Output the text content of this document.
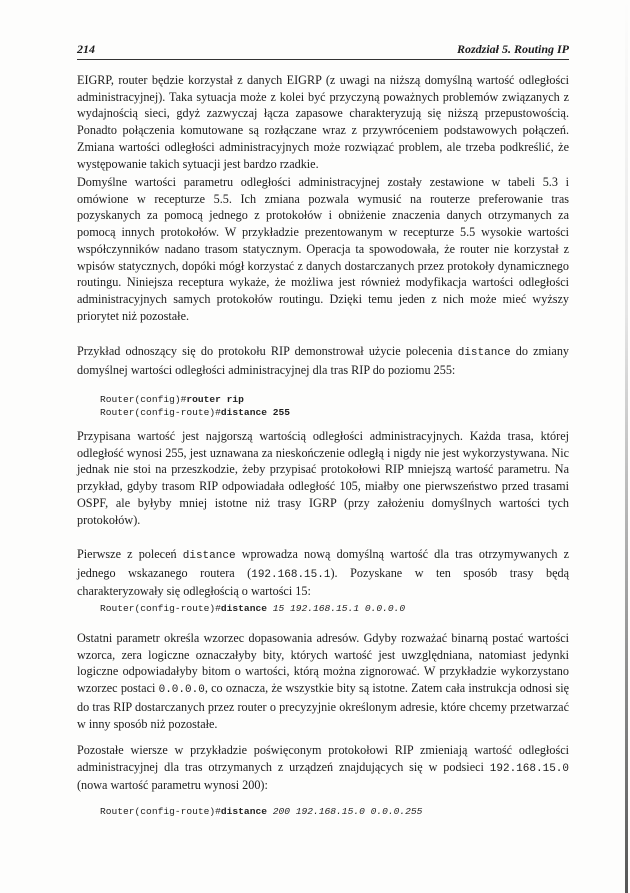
214	Rozdział 5. Routing IP

EIGRP, router będzie korzystał z danych EIGRP (z uwagi na niższą domyślną wartość odległości administracyjnej). Taka sytuacja może z kolei być przyczyną poważnych problemów związanych z wydajnością sieci, gdyż zazwyczaj łącza zapasowe charakteryzują się niższą przepustowością. Ponadto połączenia komutowane są rozłączane wraz z przywróceniem podstawowych połączeń. Zmiana wartości odległości administracyjnych może rozwiązać problem, ale trzeba podkreślić, że występowanie takich sytuacji jest bardzo rzadkie.

Domyślne wartości parametru odległości administracyjnej zostały zestawione w tabeli 5.3 i omówione w recepturze 5.5. Ich zmiana pozwala wymusić na routerze preferowanie tras pozyskanych za pomocą jednego z protokołów i obniżenie znaczenia danych otrzymanych za pomocą innych protokołów. W przykładzie prezentowanym w recepturze 5.5 wysokie wartości współczynników nadano trasom statycznym. Operacja ta spowodowała, że router nie korzystał z wpisów statycznych, dopóki mógł korzystać z danych dostarczanych przez protokoły dynamicznego routingu. Niniejsza receptura wykaże, że możliwa jest również modyfikacja wartości odległości administracyjnych samych protokołów routingu. Dzięki temu jeden z nich może mieć wyższy priorytet niż pozostałe.

Przykład odnoszący się do protokołu RIP demonstrował użycie polecenia distance do zmiany domyślnej wartości odległości administracyjnej dla tras RIP do poziomu 255:

Router(config)#router rip
Router(config-route)#distance 255

Przypisana wartość jest najgorszą wartością odległości administracyjnych. Każda trasa, której odległość wynosi 255, jest uznawana za nieskończenie odległą i nigdy nie jest wykorzystywana. Nic jednak nie stoi na przeszkodzie, żeby przypisać protokołowi RIP mniejszą wartość parametru. Na przykład, gdyby trasom RIP odpowiadała odległość 105, miałby one pierwszeństwo przed trasami OSPF, ale byłyby mniej istotne niż trasy IGRP (przy założeniu domyślnych wartości tych protokołów).

Pierwsze z poleceń distance wprowadza nową domyślną wartość dla tras otrzymywanych z jednego wskazanego routera (192.168.15.1). Pozyskane w ten sposób trasy będą charakteryzowały się odległością o wartości 15:

Router(config-route)#distance 15 192.168.15.1 0.0.0.0

Ostatni parametr określa wzorzec dopasowania adresów. Gdyby rozważać binarną postać wartości wzorca, zera logiczne oznaczałyby bity, których wartość jest uwzględniana, natomiast jedynki logiczne odpowiadałyby bitom o wartości, którą można zignorować. W przykładzie wykorzystano wzorzec postaci 0.0.0.0, co oznacza, że wszystkie bity są istotne. Zatem cała instrukcja odnosi się do tras RIP dostarczanych przez router o precyzyjnie określonym adresie, które chcemy przetwarzać w inny sposób niż pozostałe.

Pozostałe wiersze w przykładzie poświęconym protokołowi RIP zmieniają wartość odległości administracyjnej dla tras otrzymanych z urządzeń znajdujących się w podsieci 192.168.15.0 (nowa wartość parametru wynosi 200):

Router(config-route)#distance 200 192.168.15.0 0.0.0.255
